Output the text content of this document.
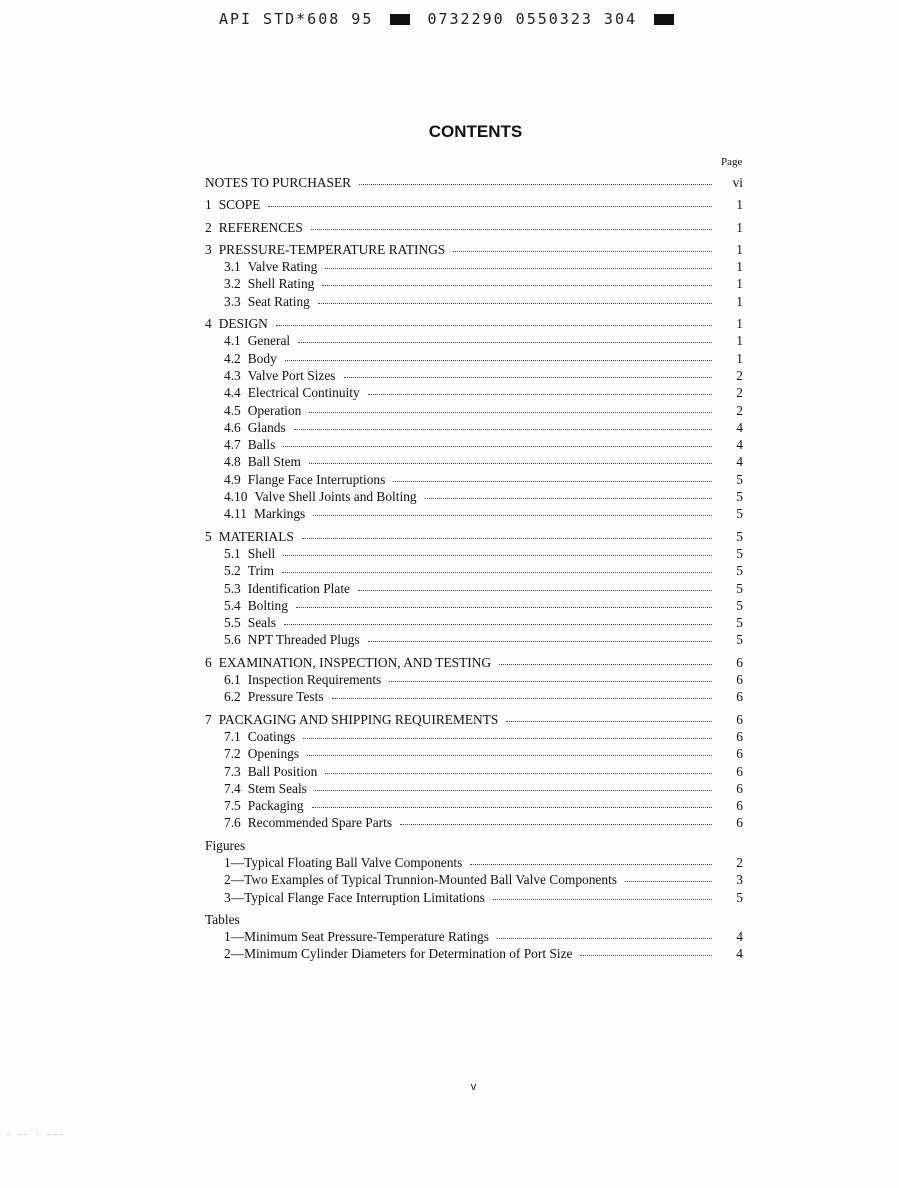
API STD*608 95	0732290 0550323 304
CONTENTS
Page
NOTES TO PURCHASER	vi
1 SCOPE	1
2 REFERENCES	1
3 PRESSURE-TEMPERATURE RATINGS	1
3.1 Valve Rating	1
3.2 Shell Rating	1
3.3 Seat Rating	1
4 DESIGN	1
4.1 General	1
4.2 Body	1
4.3 Valve Port Sizes	2
4.4 Electrical Continuity	2
4.5 Operation	2
4.6 Glands	4
4.7 Balls	4
4.8 Ball Stem	4
4.9 Flange Face Interruptions	5
4.10 Valve Shell Joints and Bolting	5
4.11 Markings	5
5 MATERIALS	5
5.1 Shell	5
5.2 Trim	5
5.3 Identification Plate	5
5.4 Bolting	5
5.5 Seals	5
5.6 NPT Threaded Plugs	5
6 EXAMINATION, INSPECTION, AND TESTING	6
6.1 Inspection Requirements	6
6.2 Pressure Tests	6
7 PACKAGING AND SHIPPING REQUIREMENTS	6
7.1 Coatings	6
7.2 Openings	6
7.3 Ball Position	6
7.4 Stem Seals	6
7.5 Packaging	6
7.6 Recommended Spare Parts	6
Figures
1—Typical Floating Ball Valve Components	2
2—Two Examples of Typical Trunnion-Mounted Ball Valve Components	3
3—Typical Flange Face Interruption Limitations	5
Tables
1—Minimum Seat Pressure-Temperature Ratings	4
2—Minimum Cylinder Diameters for Determination of Port Size	4
v
— —— · ———
